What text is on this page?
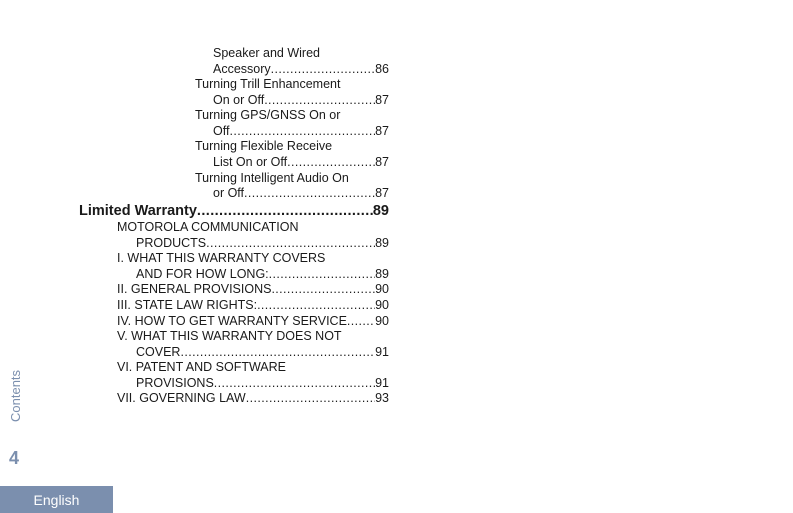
Speaker and Wired
Accessory .....	86
Turning Trill Enhancement
On or Off .....	87
Turning GPS/GNSS On or
Off .....	87
Turning Flexible Receive
List On or Off .....	87
Turning Intelligent Audio On
or Off .....	87
Limited Warranty .....	89
MOTOROLA COMMUNICATION
PRODUCTS .....	89
I. WHAT THIS WARRANTY COVERS
AND FOR HOW LONG: .....	89
II. GENERAL PROVISIONS .....	90
III. STATE LAW RIGHTS: .....	90
IV. HOW TO GET WARRANTY SERVICE ..... 90
V. WHAT THIS WARRANTY DOES NOT
COVER .....	91
VI. PATENT AND SOFTWARE
PROVISIONS .....	91
VII. GOVERNING LAW .....	93
Contents
4
English
